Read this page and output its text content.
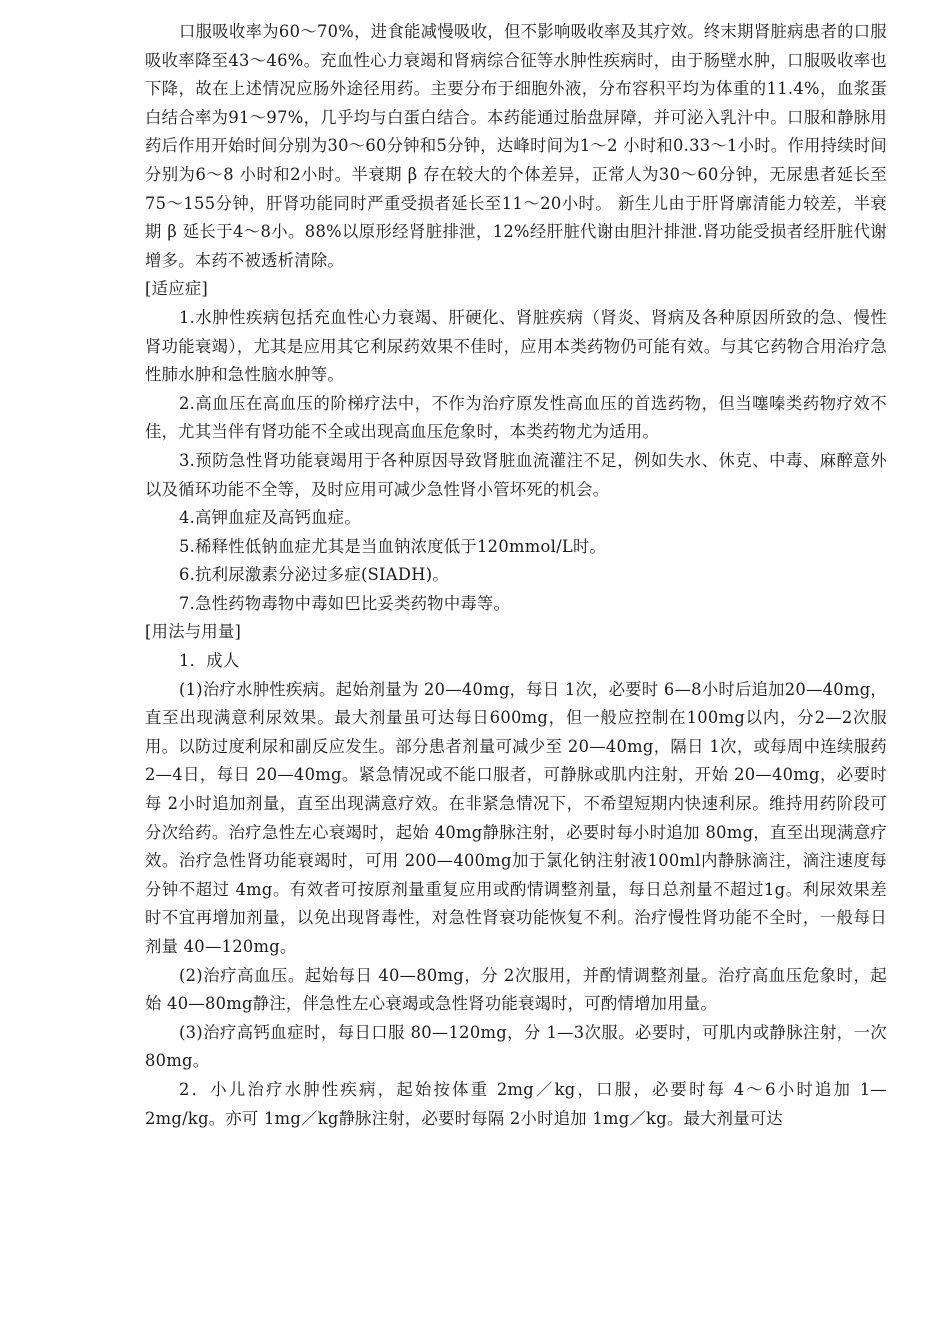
口服吸收率为60～70%，进食能减慢吸收，但不影响吸收率及其疗效。终末期肾脏病患者的口服吸收率降至43～46%。充血性心力衰竭和肾病综合征等水肿性疾病时，由于肠壁水肿，口服吸收率也下降，故在上述情况应肠外途径用药。主要分布于细胞外液，分布容积平均为体重的11.4%，血浆蛋白结合率为91～97%，几乎均与白蛋白结合。本药能通过胎盘屏障，并可泌入乳汁中。口服和静脉用药后作用开始时间分别为30～60分钟和5分钟，达峰时间为1～2 小时和0.33～1小时。作用持续时间分别为6～8 小时和2小时。半衰期 β 存在较大的个体差异，正常人为30～60分钟，无尿患者延长至 75～155分钟，肝肾功能同时严重受损者延长至11～20小时。 新生儿由于肝肾廓清能力较差，半衰期 β 延长于4～8小。88%以原形经肾脏排泄，12%经肝脏代谢由胆汁排泄.肾功能受损者经肝脏代谢增多。本药不被透析清除。

[适应症]

1.水肿性疾病包括充血性心力衰竭、肝硬化、肾脏疾病（肾炎、肾病及各种原因所致的急、慢性肾功能衰竭），尤其是应用其它利尿药效果不佳时，应用本类药物仍可能有效。与其它药物合用治疗急性肺水肿和急性脑水肿等。

2.高血压在高血压的阶梯疗法中，不作为治疗原发性高血压的首选药物，但当噻嗪类药物疗效不佳，尤其当伴有肾功能不全或出现高血压危象时，本类药物尤为适用。

3.预防急性肾功能衰竭用于各种原因导致肾脏血流灌注不足，例如失水、休克、中毒、麻醉意外以及循环功能不全等，及时应用可减少急性肾小管坏死的机会。

4.高钾血症及高钙血症。

5.稀释性低钠血症尤其是当血钠浓度低于120mmol/L时。

6.抗利尿激素分泌过多症(SIADH)。

7.急性药物毒物中毒如巴比妥类药物中毒等。

[用法与用量]

1．成人

(1)治疗水肿性疾病。起始剂量为 20—40mg，每日 1次，必要时 6—8小时后追加20—40mg，直至出现满意利尿效果。最大剂量虽可达每日600mg，但一般应控制在100mg以内，分2—2次服用。以防过度利尿和副反应发生。部分患者剂量可减少至 20—40mg，隔日 1次，或每周中连续服药 2—4日，每日 20—40mg。紧急情况或不能口服者，可静脉或肌内注射，开始 20—40mg，必要时每 2小时追加剂量，直至出现满意疗效。在非紧急情况下，不希望短期内快速利尿。维持用药阶段可分次给药。治疗急性左心衰竭时，起始 40mg静脉注射，必要时每小时追加 80mg，直至出现满意疗效。治疗急性肾功能衰竭时，可用 200—400mg加于氯化钠注射液100ml内静脉滴注，滴注速度每分钟不超过 4mg。有效者可按原剂量重复应用或酌情调整剂量，每日总剂量不超过1g。利尿效果差时不宜再增加剂量，以免出现肾毒性，对急性肾衰功能恢复不利。治疗慢性肾功能不全时，一般每日剂量 40—120mg。

(2)治疗高血压。起始每日 40—80mg，分 2次服用，并酌情调整剂量。治疗高血压危象时，起始 40—80mg静注，伴急性左心衰竭或急性肾功能衰竭时，可酌情增加用量。

(3)治疗高钙血症时，每日口服 80—120mg，分 1—3次服。必要时，可肌内或静脉注射，一次 80mg。

2．小儿治疗水肿性疾病，起始按体重 2mg／kg，口服，必要时每 4～6小时追加 1—2mg/kg。亦可 1mg／kg静脉注射，必要时每隔 2小时追加 1mg／kg。最大剂量可达
